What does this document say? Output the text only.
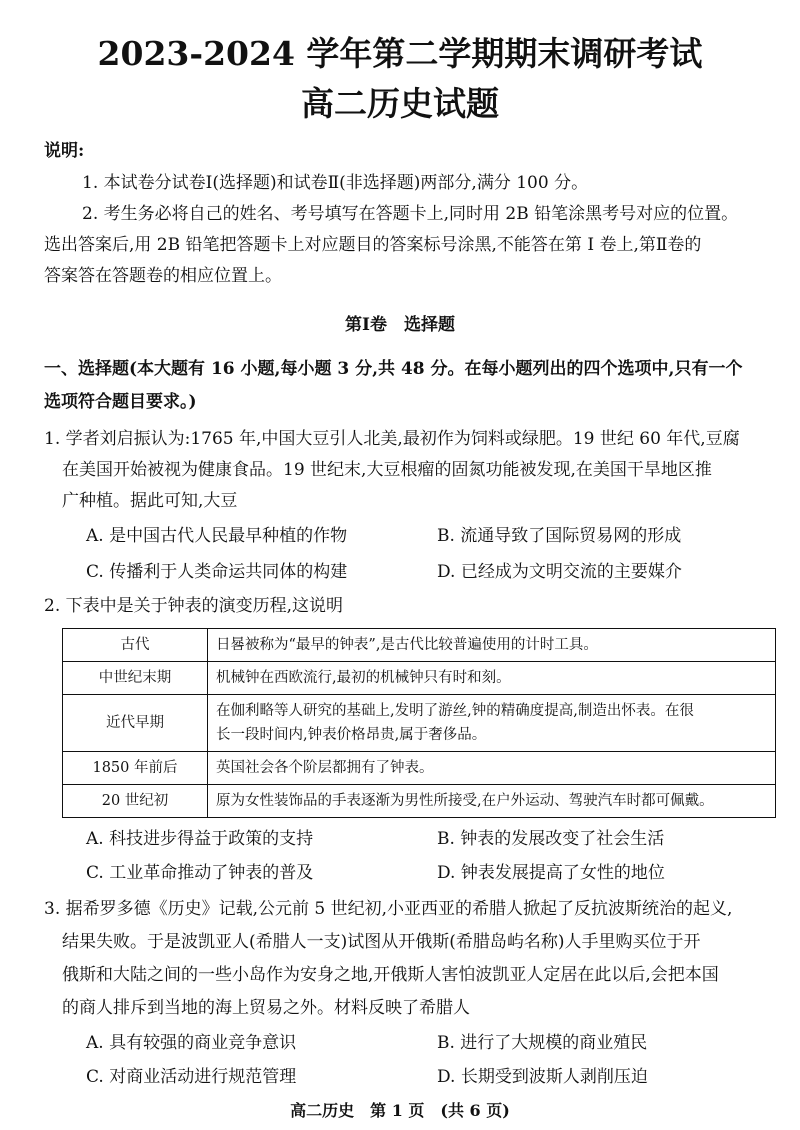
2023-2024 学年第二学期期末调研考试
高二历史试题
说明:
1. 本试卷分试卷Ⅰ(选择题)和试卷Ⅱ(非选择题)两部分,满分 100 分。
2. 考生务必将自己的姓名、考号填写在答题卡上,同时用 2B 铅笔涂黑考号对应的位置。
选出答案后,用 2B 铅笔把答题卡上对应题目的答案标号涂黑,不能答在第 Ⅰ 卷上,第Ⅱ卷的
答案答在答题卷的相应位置上。
第Ⅰ卷　选择题
一、选择题(本大题有 16 小题,每小题 3 分,共 48 分。在每小题列出的四个选项中,只有一个
选项符合题目要求。)
1. 学者刘启振认为:1765 年,中国大豆引人北美,最初作为饲料或绿肥。19 世纪 60 年代,豆腐
在美国开始被视为健康食品。19 世纪末,大豆根瘤的固氮功能被发现,在美国干旱地区推
广种植。据此可知,大豆
A. 是中国古代人民最早种植的作物	B. 流通导致了国际贸易网的形成
C. 传播利于人类命运共同体的构建	D. 已经成为文明交流的主要媒介
2. 下表中是关于钟表的演变历程,这说明
古代	日晷被称为“最早的钟表”,是古代比较普遍使用的计时工具。
中世纪末期	机械钟在西欧流行,最初的机械钟只有时和刻。
近代早期	在伽利略等人研究的基础上,发明了游丝,钟的精确度提高,制造出怀表。在很
长一段时间内,钟表价格昂贵,属于奢侈品。

1850 年前后	英国社会各个阶层都拥有了钟表。
20 世纪初	原为女性装饰品的手表逐渐为男性所接受,在户外运动、驾驶汽车时都可佩戴。
A. 科技进步得益于政策的支持	B. 钟表的发展改变了社会生活
C. 工业革命推动了钟表的普及	D. 钟表发展提高了女性的地位
3. 据希罗多德《历史》记载,公元前 5 世纪初,小亚西亚的希腊人掀起了反抗波斯统治的起义,
结果失败。于是波凯亚人(希腊人一支)试图从开俄斯(希腊岛屿名称)人手里购买位于开
俄斯和大陆之间的一些小岛作为安身之地,开俄斯人害怕波凯亚人定居在此以后,会把本国
的商人排斥到当地的海上贸易之外。材料反映了希腊人
A. 具有较强的商业竞争意识	B. 进行了大规模的商业殖民
C. 对商业活动进行规范管理	D. 长期受到波斯人剥削压迫
高二历史　第 1 页　(共 6 页)
